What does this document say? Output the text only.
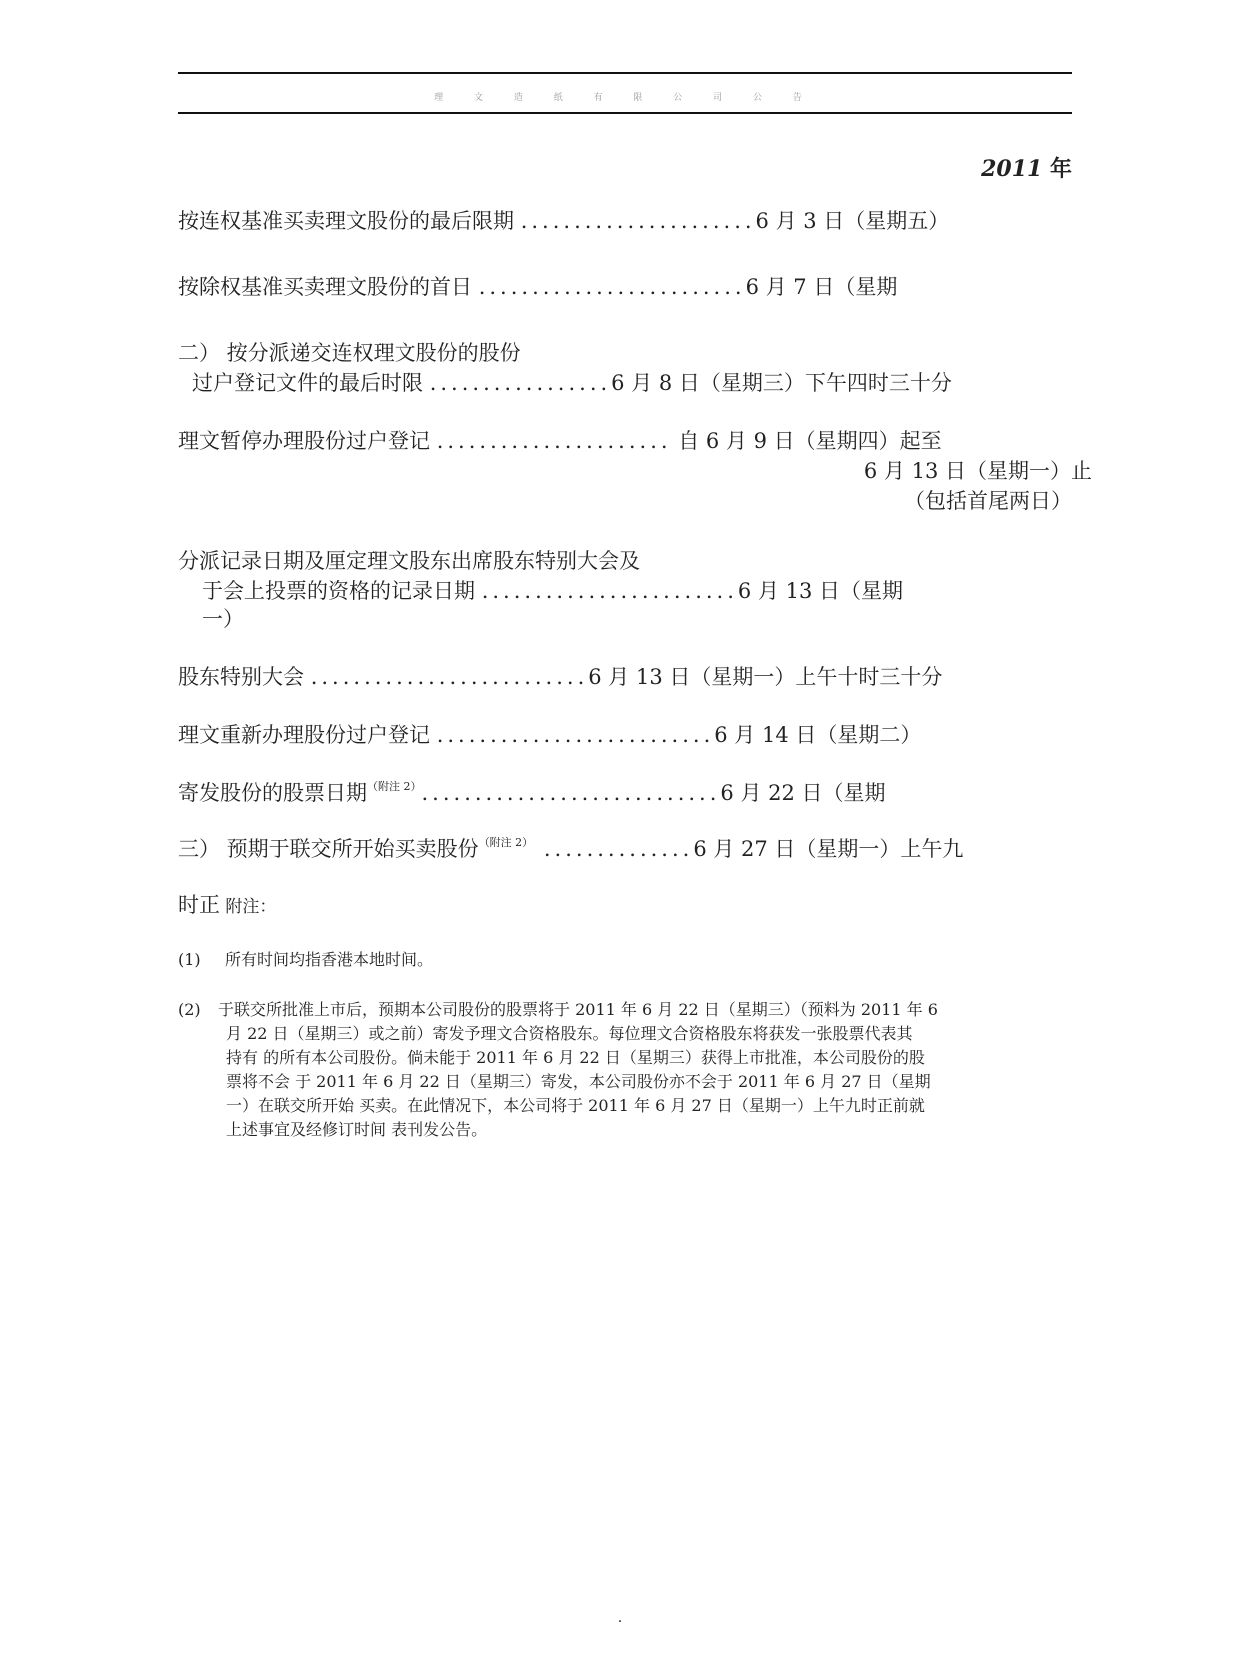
理 文 造 纸 有 限 公 司 公 告
2011 年
按连权基准买卖理文股份的最后限期 ......................6 月 3 日（星期五）
按除权基准买卖理文股份的首日 .........................6 月 7 日（星期
二） 按分派递交连权理文股份的股份
过户登记文件的最后时限 .................6 月 8 日（星期三）下午四时三十分
理文暂停办理股份过户登记 ...................... 自 6 月 9 日（星期四）起至
6 月 13 日（星期一）止
（包括首尾两日）
分派记录日期及厘定理文股东出席股东特别大会及
于会上投票的资格的记录日期 ........................6 月 13 日（星期
一）
股东特别大会 ..........................6 月 13 日（星期一）上午十时三十分
理文重新办理股份过户登记 ..........................6 月 14 日（星期二）
寄发股份的股票日期$^{(附注 2)}$............................6 月 22 日（星期
三） 预期于联交所开始买卖股份$^{(附注 2)}$ ..............6 月 27 日（星期一）上午九
时正 附注：
(1) 所有时间均指香港本地时间。
(2) 于联交所批准上市后，预期本公司股份的股票将于 2011 年 6 月 22 日（星期三）（预料为 2011 年 6
月 22 日（星期三）或之前）寄发予理文合资格股东。每位理文合资格股东将获发一张股票代表其
持有 的所有本公司股份。倘未能于 2011 年 6 月 22 日（星期三）获得上市批准，本公司股份的股
票将不会 于 2011 年 6 月 22 日（星期三）寄发，本公司股份亦不会于 2011 年 6 月 27 日（星期
一）在联交所开始 买卖。在此情况下，本公司将于 2011 年 6 月 27 日（星期一）上午九时正前就
上述事宜及经修订时间 表刊发公告。
.
